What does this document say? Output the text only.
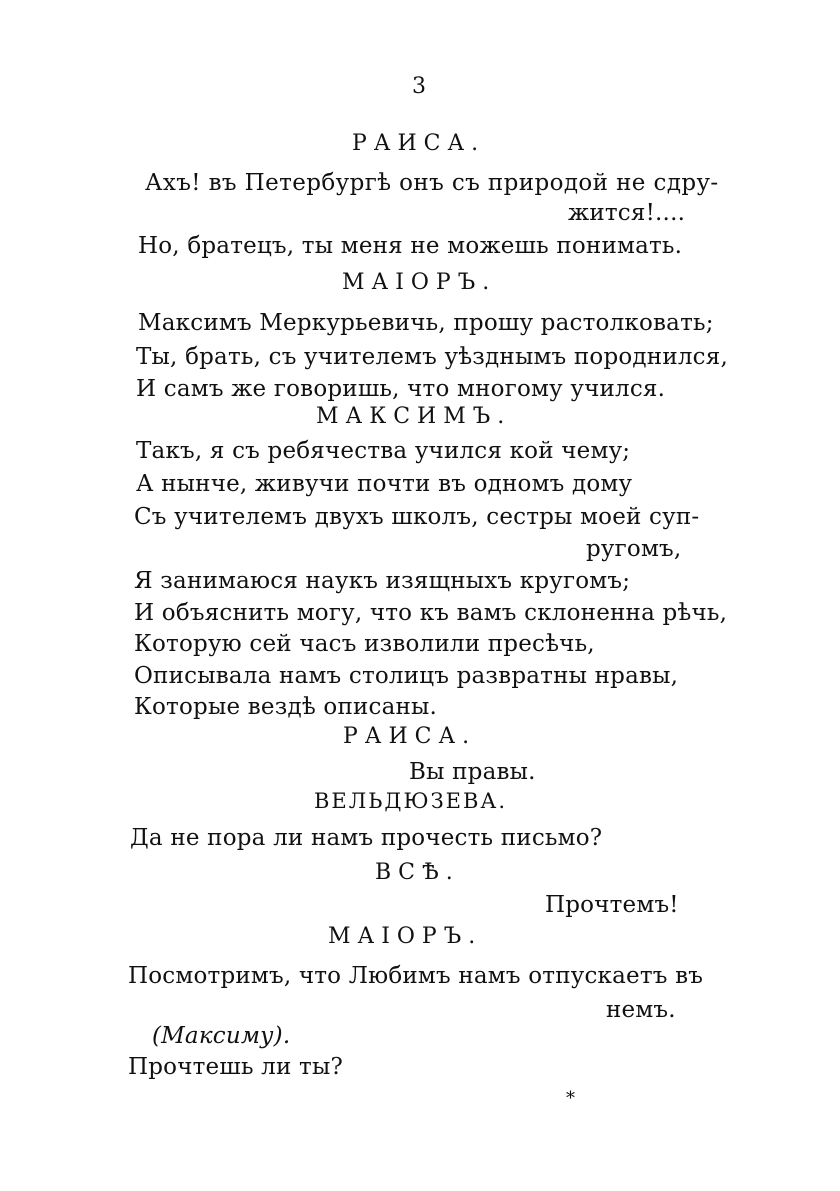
3
РАИСА.
Ахъ! въ Петербургѣ онъ съ природой не сдру-
жится!....
Но, братецъ, ты меня не можешь понимать.
МАІОРЪ.
Максимъ Меркурьевичь, прошу растолковать;
Ты, брать, съ учителемъ уѣзднымъ породнился,
И самъ же говоришь, что многому учился.
МАКСИМЪ.
Такъ, я съ ребячества учился кой чему;
А нынче, живучи почти въ одномъ дому
Съ учителемъ двухъ школъ, сестры моей суп-
ругомъ,
Я занимаюся наукъ изящныхъ кругомъ;
И объяснить могу, что къ вамъ склоненна рѣчь,
Которую сей часъ изволили пресѣчь,
Описывала намъ столицъ развратны нравы,
Которые вездѣ описаны.
РАИСА.
Вы правы.
ВЕЛЬДЮЗЕВА.
Да не пора ли намъ прочесть письмо?
ВСѢ.
Прочтемъ!
МАІОРЪ.
Посмотримъ, что Любимъ намъ отпускаетъ въ
немъ.
(Максиму).
Прочтешь ли ты?
*
